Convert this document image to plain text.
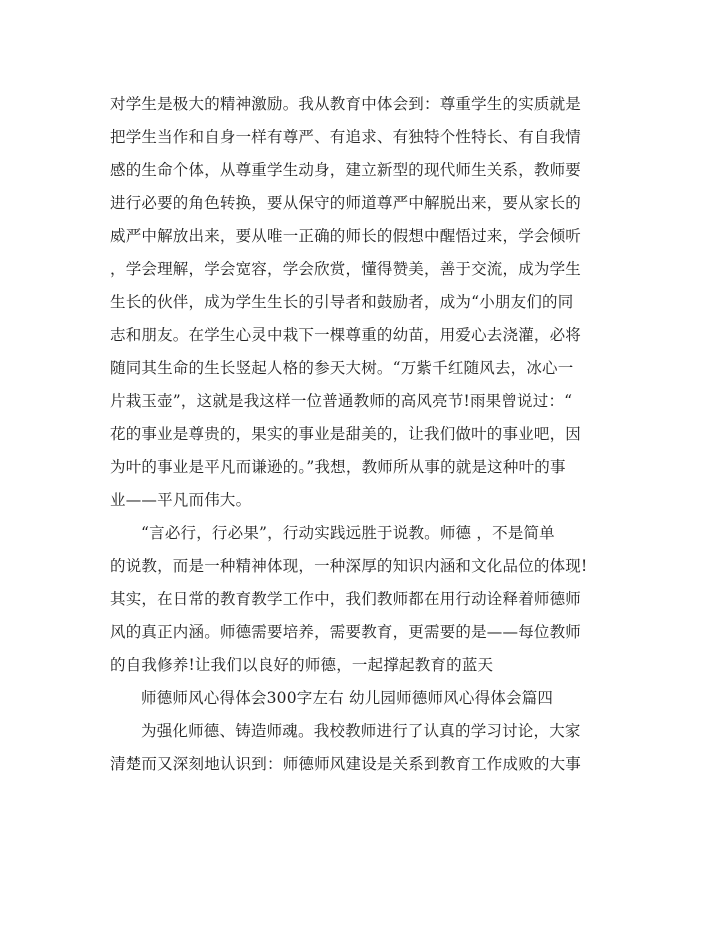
对学生是极大的精神激励。我从教育中体会到：尊重学生的实质就是
把学生当作和自身一样有尊严、有追求、有独特个性特长、有自我情
感的生命个体，从尊重学生动身，建立新型的现代师生关系，教师要
进行必要的角色转换，要从保守的师道尊严中解脱出来，要从家长的
威严中解放出来，要从唯一正确的师长的假想中醒悟过来，学会倾听
，学会理解，学会宽容，学会欣赏，懂得赞美，善于交流，成为学生
生长的伙伴，成为学生生长的引导者和鼓励者，成为“小朋友们的同
志和朋友。在学生心灵中栽下一棵尊重的幼苗，用爱心去浇灌，必将
随同其生命的生长竖起人格的参天大树。“万紫千红随风去，冰心一
片栽玉壶”，这就是我这样一位普通教师的高风亮节!雨果曾说过：“
花的事业是尊贵的，果实的事业是甜美的，让我们做叶的事业吧，因
为叶的事业是平凡而谦逊的。”我想，教师所从事的就是这种叶的事
业——平凡而伟大。
“言必行，行必果”，行动实践远胜于说教。师德 ，不是简单
的说教，而是一种精神体现，一种深厚的知识内涵和文化品位的体现!
其实，在日常的教育教学工作中，我们教师都在用行动诠释着师德师
风的真正内涵。师德需要培养，需要教育，更需要的是——每位教师
的自我修养!让我们以良好的师德，一起撑起教育的蓝天
师德师风心得体会300字左右 幼儿园师德师风心得体会篇四
为强化师德、铸造师魂。我校教师进行了认真的学习讨论，大家
清楚而又深刻地认识到：师德师风建设是关系到教育工作成败的大事
